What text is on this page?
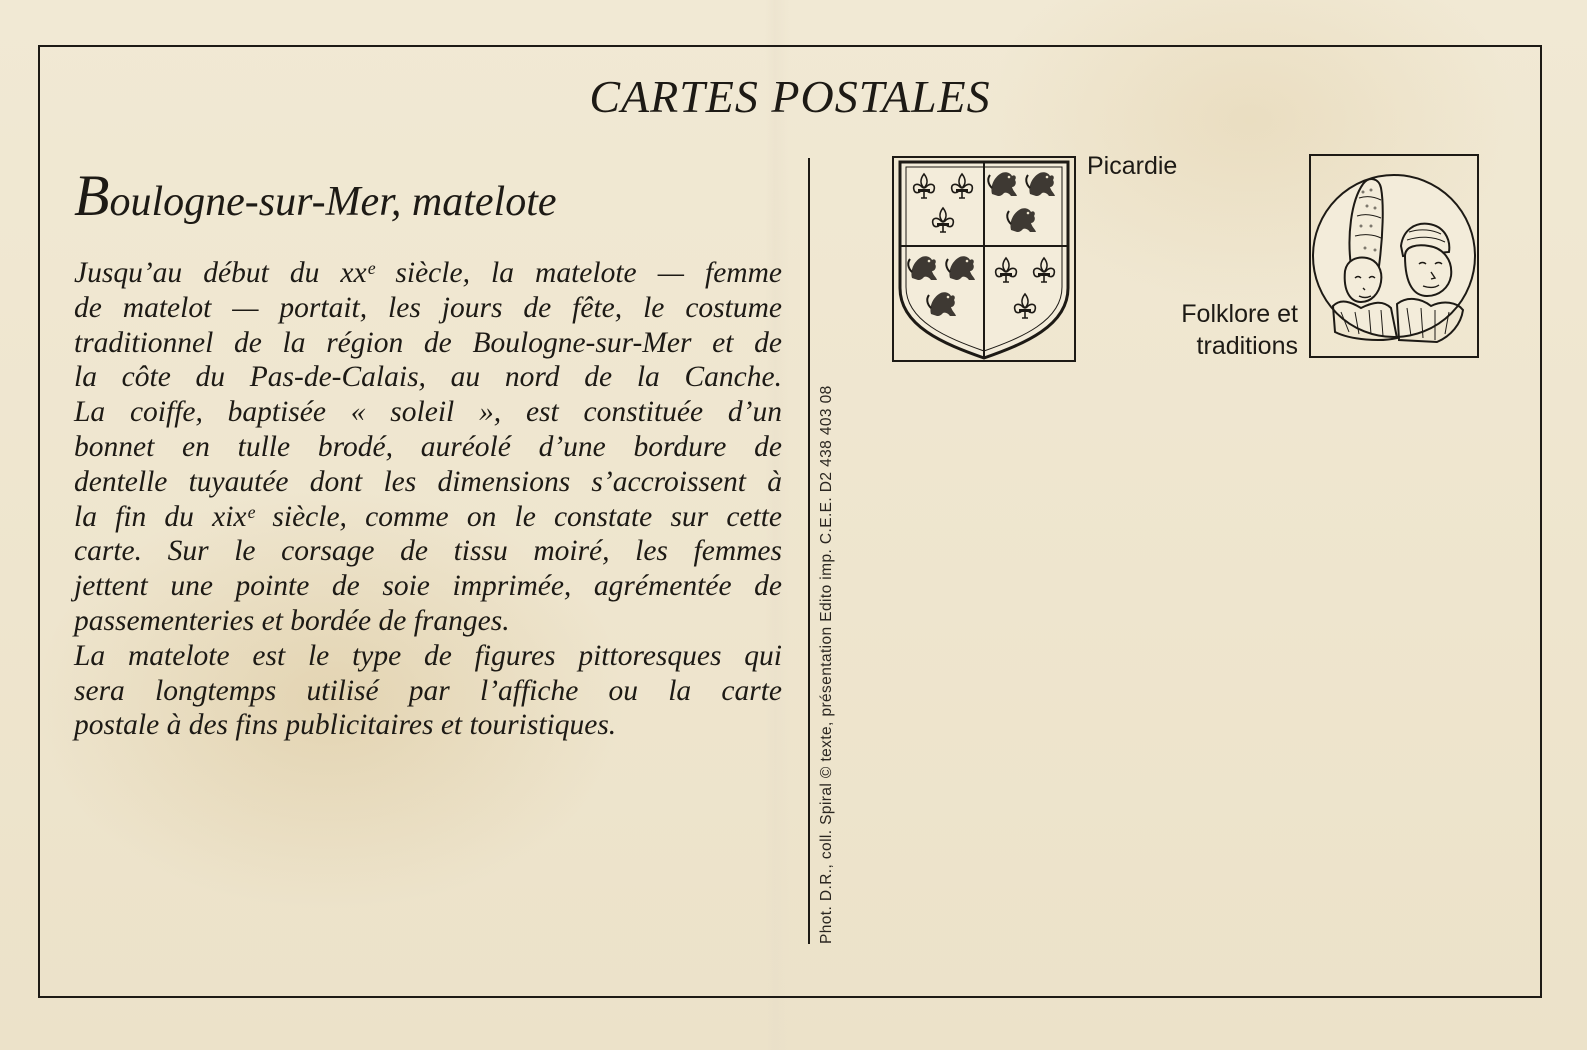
CARTES POSTALES
Boulogne-sur-Mer, matelote
Jusqu’au début du xxᵉ siècle, la matelote — femme
de matelot — portait, les jours de fête, le costume
traditionnel de la région de Boulogne-sur-Mer et de
la côte du Pas-de-Calais, au nord de la Canche.
La coiffe, baptisée « soleil », est constituée d’un
bonnet en tulle brodé, auréolé d’une bordure de
dentelle tuyautée dont les dimensions s’accroissent à
la fin du xixᵉ siècle, comme on le constate sur cette
carte. Sur le corsage de tissu moiré, les femmes
jettent une pointe de soie imprimée, agrémentée de
passementeries et bordée de franges.
La matelote est le type de figures pittoresques qui
sera longtemps utilisé par l’affiche ou la carte
postale à des fins publicitaires et touristiques.	Phot. D.R., coll. Spiral © texte, présentation Edito imp. C.E.E. D2 438 403 08
Picardie
Folklore et
traditions
